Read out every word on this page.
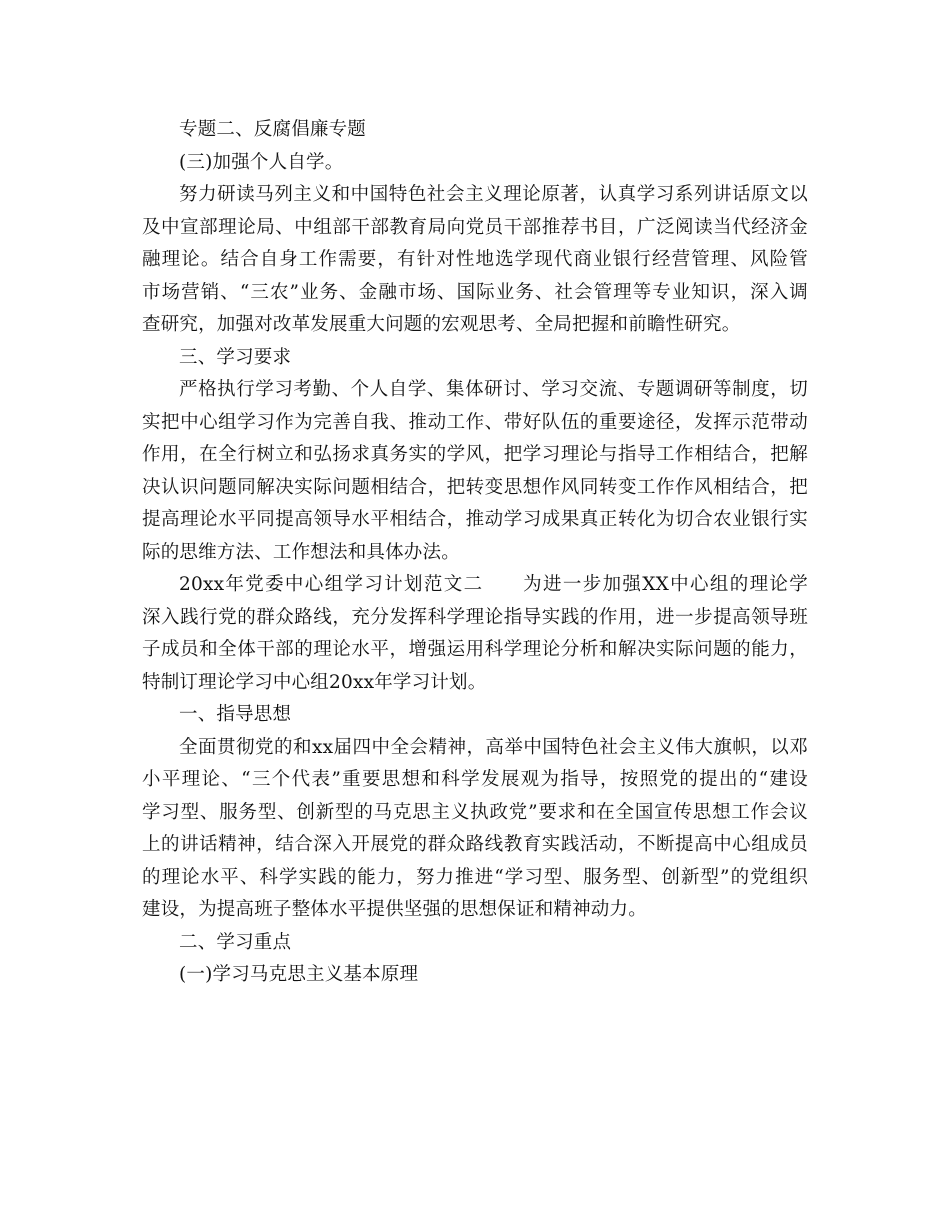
专题二、反腐倡廉专题
(三)加强个人自学。
努力研读马列主义和中国特色社会主义理论原著，认真学习系列讲话原文以
及中宣部理论局、中组部干部教育局向党员干部推荐书目，广泛阅读当代经济金
融理论。结合自身工作需要，有针对性地选学现代商业银行经营管理、风险管
市场营销、“三农”业务、金融市场、国际业务、社会管理等专业知识，深入调
查研究，加强对改革发展重大问题的宏观思考、全局把握和前瞻性研究。
三、学习要求
严格执行学习考勤、个人自学、集体研讨、学习交流、专题调研等制度，切
实把中心组学习作为完善自我、推动工作、带好队伍的重要途径，发挥示范带动
作用，在全行树立和弘扬求真务实的学风，把学习理论与指导工作相结合，把解
决认识问题同解决实际问题相结合，把转变思想作风同转变工作作风相结合，把
提高理论水平同提高领导水平相结合，推动学习成果真正转化为切合农业银行实
际的思维方法、工作想法和具体办法。
20xx年党委中心组学习计划范文二　　为进一步加强XX中心组的理论学
深入践行党的群众路线，充分发挥科学理论指导实践的作用，进一步提高领导班
子成员和全体干部的理论水平，增强运用科学理论分析和解决实际问题的能力，
特制订理论学习中心组20xx年学习计划。
一、指导思想
全面贯彻党的和xx届四中全会精神，高举中国特色社会主义伟大旗帜，以邓
小平理论、“三个代表”重要思想和科学发展观为指导，按照党的提出的“建设
学习型、服务型、创新型的马克思主义执政党”要求和在全国宣传思想工作会议
上的讲话精神，结合深入开展党的群众路线教育实践活动，不断提高中心组成员
的理论水平、科学实践的能力，努力推进“学习型、服务型、创新型”的党组织
建设，为提高班子整体水平提供坚强的思想保证和精神动力。
二、学习重点
(一)学习马克思主义基本原理
